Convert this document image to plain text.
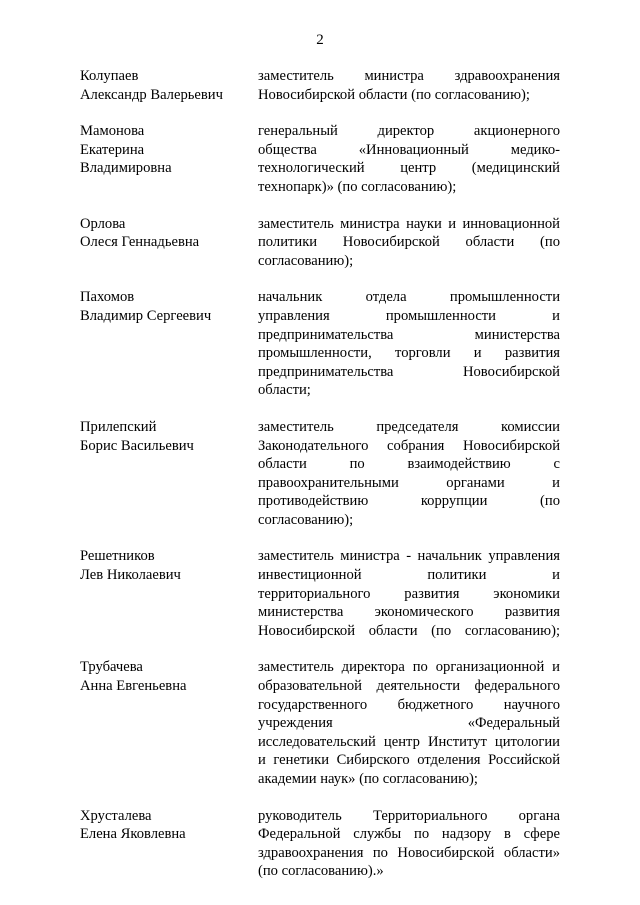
2
Колупаев
Александр Валерьевич
заместитель министра здравоохранения
Новосибирской области (по согласованию);
Мамонова
Екатерина
Владимировна
генеральный директор акционерного
общества «Инновационный медико-
технологический центр (медицинский
технопарк)» (по согласованию);
Орлова
Олеся Геннадьевна
заместитель министра науки и инновационной
политики Новосибирской области (по
согласованию);
Пахомов
Владимир Сергеевич
начальник отдела промышленности
управления промышленности и
предпринимательства министерства
промышленности, торговли и развития
предпринимательства Новосибирской
области;
Прилепский
Борис Васильевич
заместитель председателя комиссии
Законодательного собрания Новосибирской
области по взаимодействию с
правоохранительными органами и
противодействию коррупции (по
согласованию);
Решетников
Лев Николаевич
заместитель министра - начальник управления
инвестиционной политики и
территориального развития экономики
министерства экономического развития
Новосибирской области (по согласованию);
Трубачева
Анна Евгеньевна
заместитель директора по организационной и
образовательной деятельности федерального
государственного бюджетного научного
учреждения «Федеральный
исследовательский центр Институт цитологии
и генетики Сибирского отделения Российской
академии наук» (по согласованию);
Хрусталева
Елена Яковлевна
руководитель Территориального органа
Федеральной службы по надзору в сфере
здравоохранения по Новосибирской области»
(по согласованию).»
